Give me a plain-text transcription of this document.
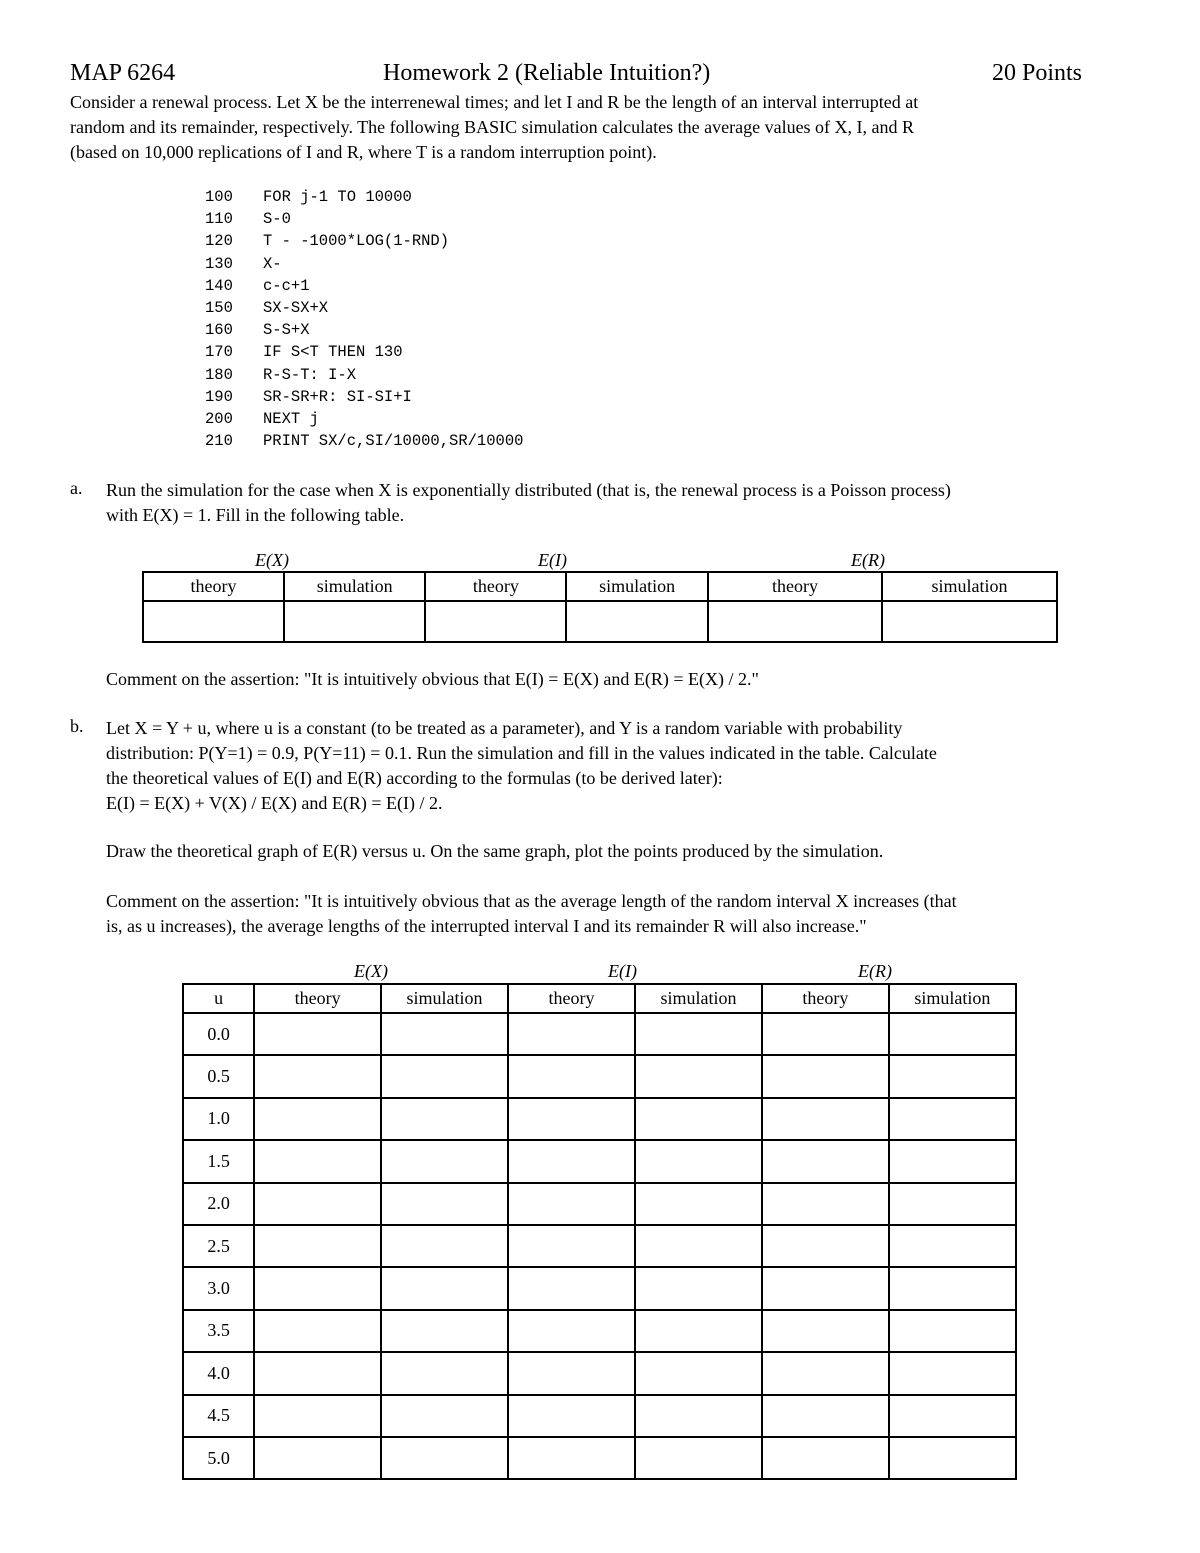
MAP 6264	Homework 2 (Reliable Intuition?)	20 Points
Consider a renewal process. Let X be the interrenewal times; and let I and R be the length of an interval interrupted at
random and its remainder, respectively. The following BASIC simulation calculates the average values of X, I, and R
(based on 10,000 replications of I and R, where T is a random interruption point).
100	FOR j-1 TO 10000
110	S-0
120	T - -1000*LOG(1-RND)
130	X-
140	c-c+1
150	SX-SX+X
160	S-S+X
170	IF S<T THEN 130
180	R-S-T: I-X
190	SR-SR+R: SI-SI+I
200	NEXT j
210	PRINT SX/c,SI/10000,SR/10000
a. Run the simulation for the case when X is exponentially distributed (that is, the renewal process is a Poisson process)
with E(X) = 1. Fill in the following table.
E(X)	E(I)	E(R)
theory	simulation	theory	simulation	theory	simulation

Comment on the assertion: "It is intuitively obvious that E(I) = E(X) and E(R) = E(X) / 2."
b. Let X = Y + u, where u is a constant (to be treated as a parameter), and Y is a random variable with probability
distribution: P(Y=1) = 0.9, P(Y=11) = 0.1. Run the simulation and fill in the values indicated in the table. Calculate
the theoretical values of E(I) and E(R) according to the formulas (to be derived later):
E(I) = E(X) + V(X) / E(X) and E(R) = E(I) / 2.
Draw the theoretical graph of E(R) versus u. On the same graph, plot the points produced by the simulation.
Comment on the assertion: "It is intuitively obvious that as the average length of the random interval X increases (that
is, as u increases), the average lengths of the interrupted interval I and its remainder R will also increase."
E(X)	E(I)	E(R)
u	theory	simulation	theory	simulation	theory	simulation
0.0						
0.5						
1.0						
1.5						
2.0						
2.5						
3.0						
3.5						
4.0						
4.5						
5.0						
